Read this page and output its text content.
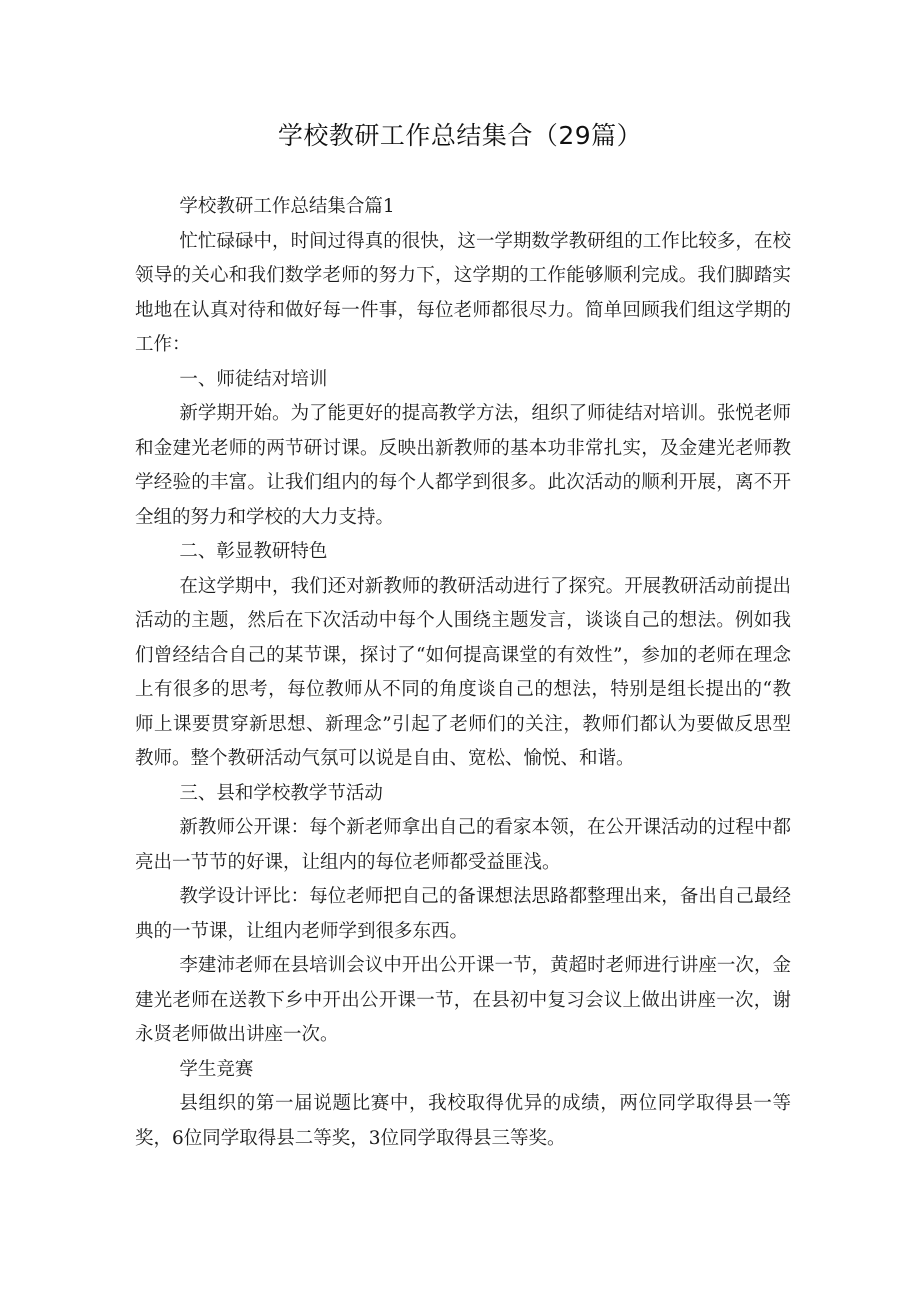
学校教研工作总结集合（29篇）

学校教研工作总结集合篇1

忙忙碌碌中，时间过得真的很快，这一学期数学教研组的工作比较多，在校领导的关心和我们数学老师的努力下，这学期的工作能够顺利完成。我们脚踏实地地在认真对待和做好每一件事，每位老师都很尽力。简单回顾我们组这学期的工作：

一、师徒结对培训

新学期开始。为了能更好的提高教学方法，组织了师徒结对培训。张悦老师和金建光老师的两节研讨课。反映出新教师的基本功非常扎实，及金建光老师教学经验的丰富。让我们组内的每个人都学到很多。此次活动的顺利开展，离不开全组的努力和学校的大力支持。

二、彰显教研特色

在这学期中，我们还对新教师的教研活动进行了探究。开展教研活动前提出活动的主题，然后在下次活动中每个人围绕主题发言，谈谈自己的想法。例如我们曾经结合自己的某节课，探讨了“如何提高课堂的有效性”，参加的老师在理念上有很多的思考，每位教师从不同的角度谈自己的想法，特别是组长提出的“教师上课要贯穿新思想、新理念”引起了老师们的关注，教师们都认为要做反思型教师。整个教研活动气氛可以说是自由、宽松、愉悦、和谐。

三、县和学校教学节活动

新教师公开课：每个新老师拿出自己的看家本领，在公开课活动的过程中都亮出一节节的好课，让组内的每位老师都受益匪浅。

教学设计评比：每位老师把自己的备课想法思路都整理出来，备出自己最经典的一节课，让组内老师学到很多东西。

李建沛老师在县培训会议中开出公开课一节，黄超时老师进行讲座一次，金建光老师在送教下乡中开出公开课一节，在县初中复习会议上做出讲座一次，谢永贤老师做出讲座一次。

学生竞赛

县组织的第一届说题比赛中，我校取得优异的成绩，两位同学取得县一等奖，6位同学取得县二等奖，3位同学取得县三等奖。
